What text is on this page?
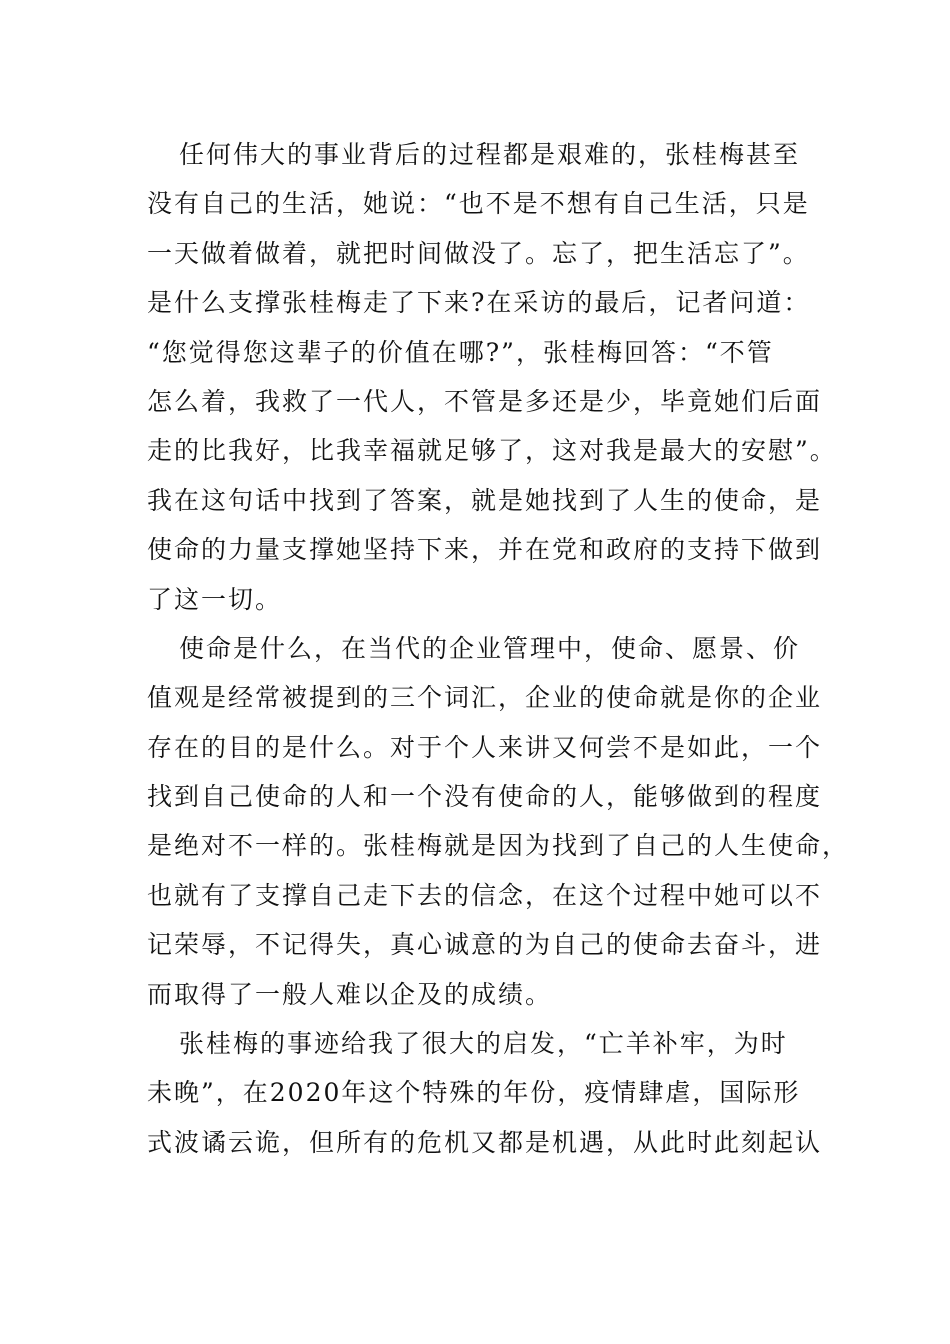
任何伟大的事业背后的过程都是艰难的，张桂梅甚至
没有自己的生活，她说：“也不是不想有自己生活，只是
一天做着做着，就把时间做没了。忘了，把生活忘了”。
是什么支撑张桂梅走了下来?在采访的最后，记者问道：
“您觉得您这辈子的价值在哪?”，张桂梅回答：“不管
怎么着，我救了一代人，不管是多还是少，毕竟她们后面
走的比我好，比我幸福就足够了，这对我是最大的安慰”。
我在这句话中找到了答案，就是她找到了人生的使命，是
使命的力量支撑她坚持下来，并在党和政府的支持下做到
了这一切。
使命是什么，在当代的企业管理中，使命、愿景、价
值观是经常被提到的三个词汇，企业的使命就是你的企业
存在的目的是什么。对于个人来讲又何尝不是如此，一个
找到自己使命的人和一个没有使命的人，能够做到的程度
是绝对不一样的。张桂梅就是因为找到了自己的人生使命，
也就有了支撑自己走下去的信念，在这个过程中她可以不
记荣辱，不记得失，真心诚意的为自己的使命去奋斗，进
而取得了一般人难以企及的成绩。
张桂梅的事迹给我了很大的启发，“亡羊补牢，为时
未晚”，在2020年这个特殊的年份，疫情肆虐，国际形
式波谲云诡，但所有的危机又都是机遇，从此时此刻起认
